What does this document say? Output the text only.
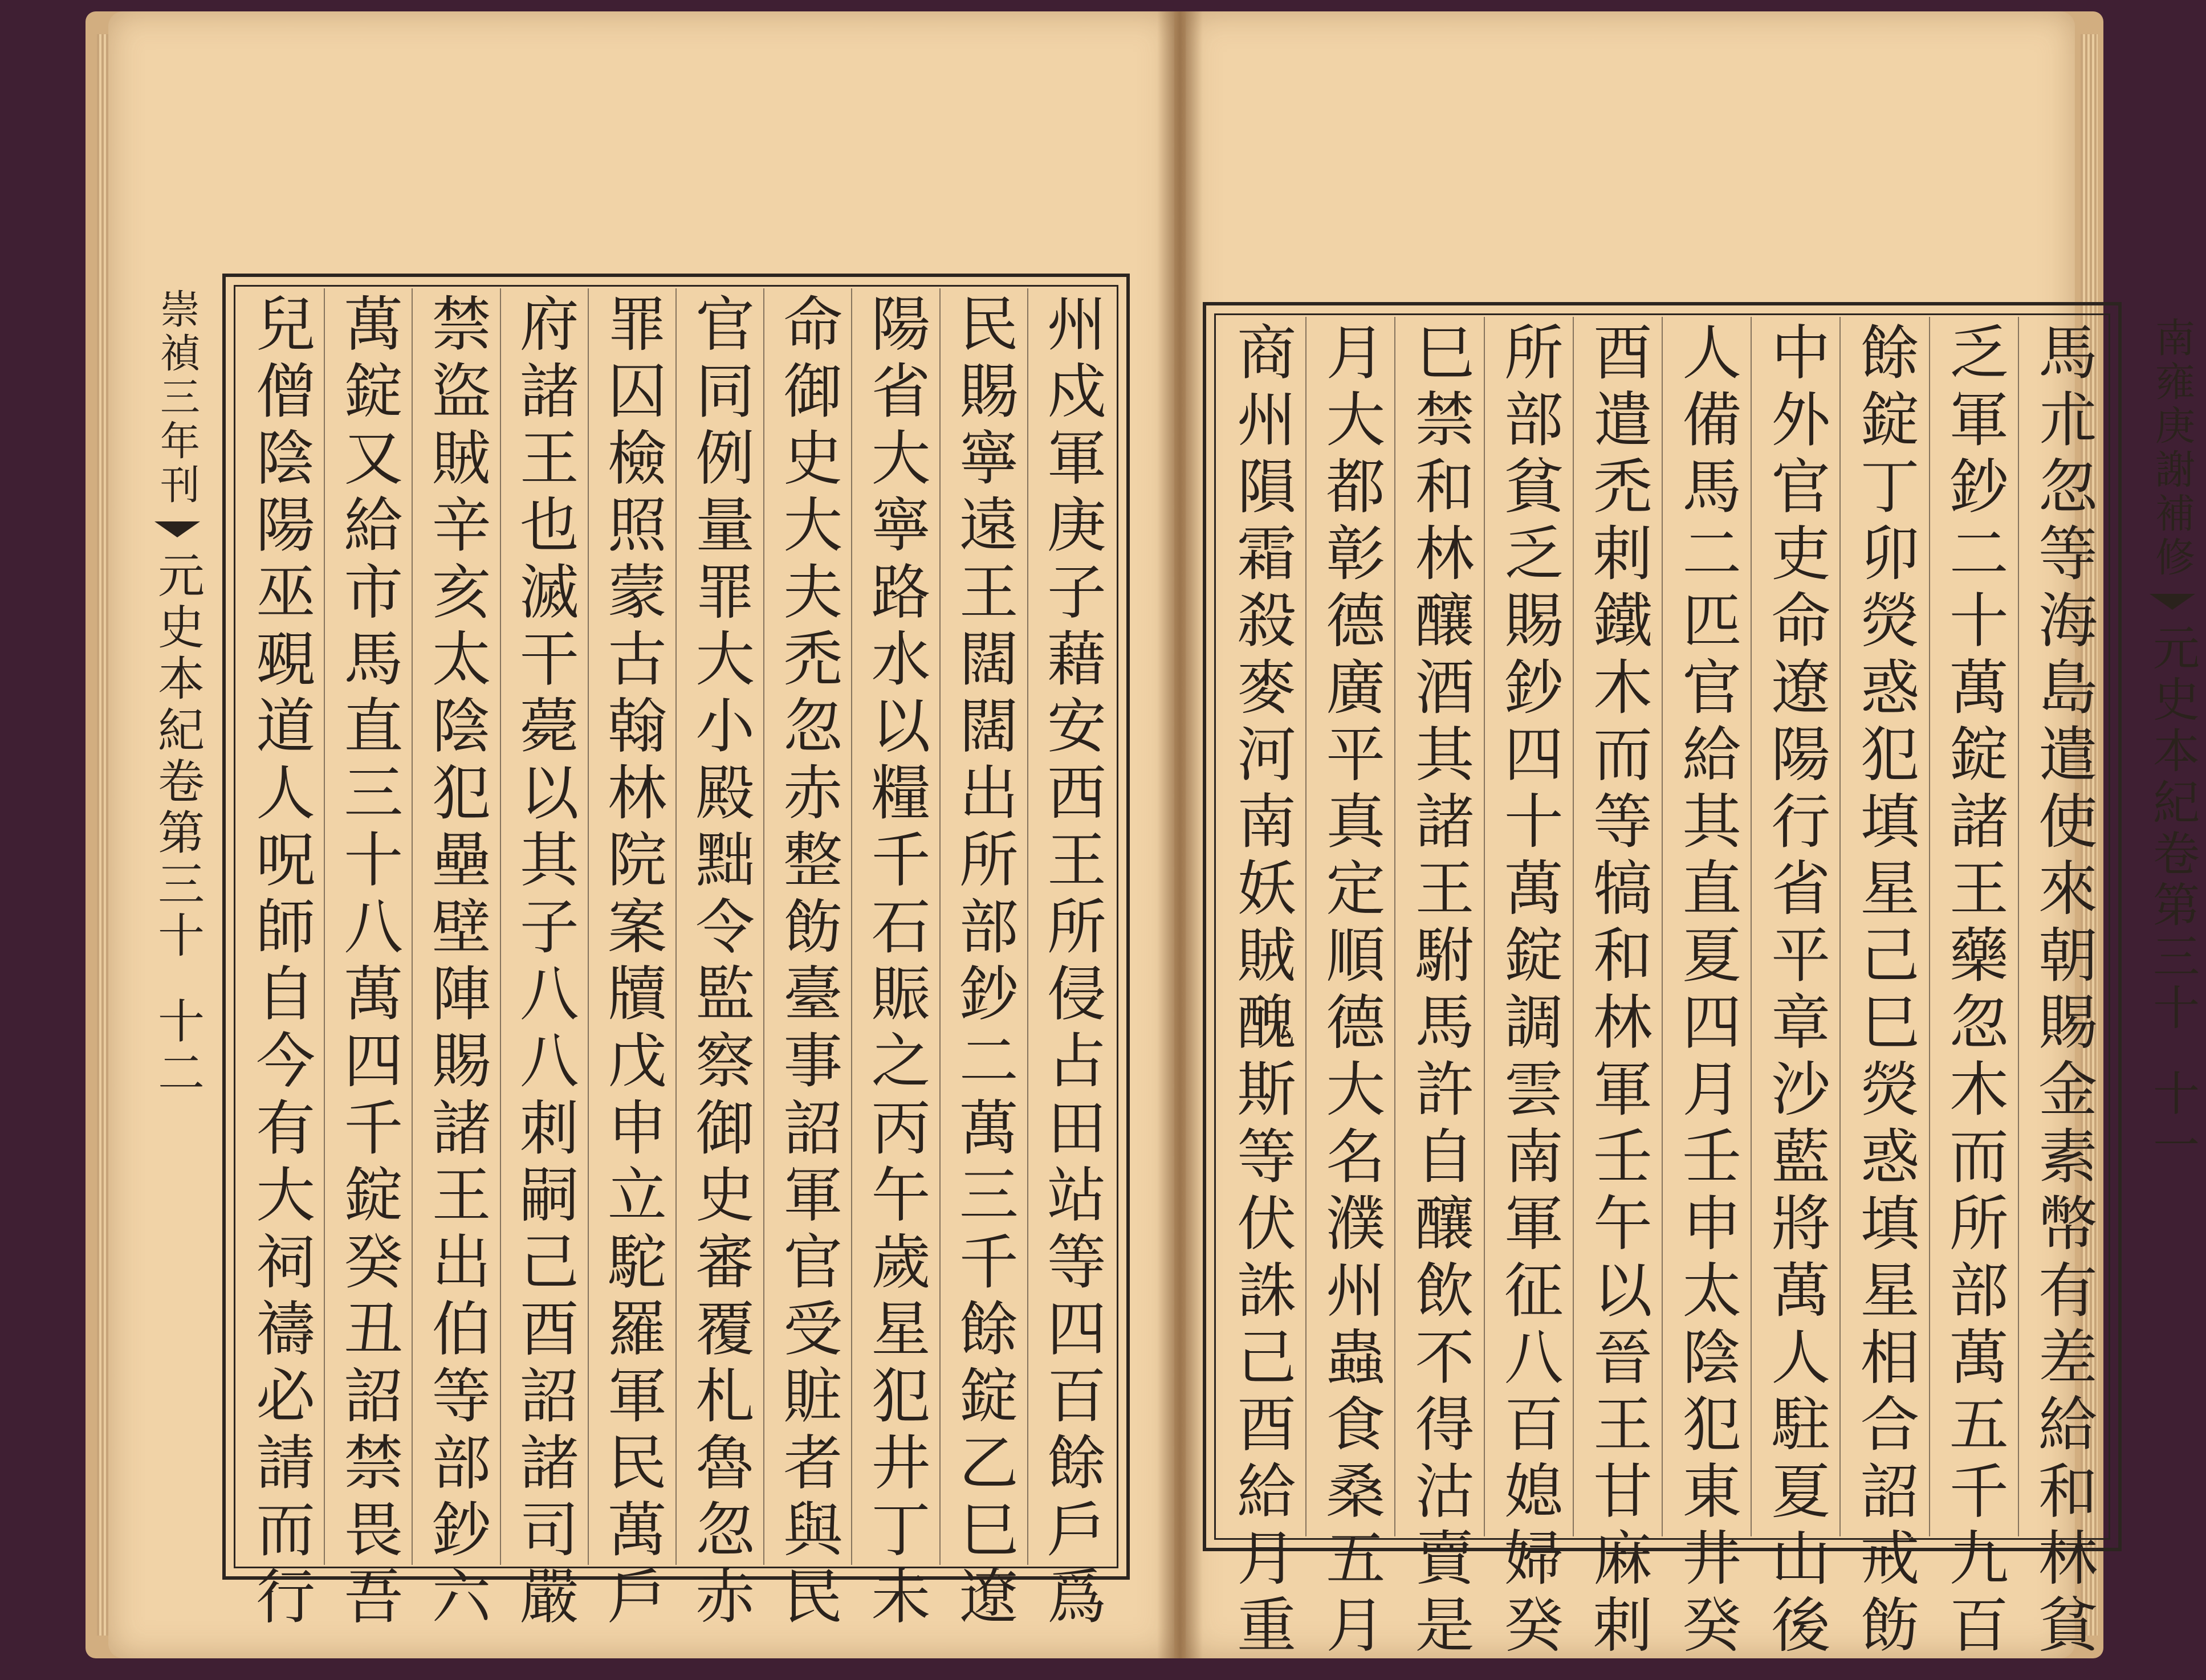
州戍軍庚子藉安西王所侵占田站等四百餘戶爲
民賜寧遠王闊闊出所部鈔二萬三千餘錠乙巳遼
陽省大寧路水以糧千石賑之丙午歲星犯井丁未
命御史大夫禿忽赤整飭臺事詔軍官受賍者與民
官同例量罪大小殿黜令監察御史審覆札魯忽赤
罪囚檢照蒙古翰林院案牘戊申立駝羅軍民萬戶
府諸王也滅干薨以其子八八刺嗣己酉詔諸司嚴
禁盜賊辛亥太陰犯壘壁陣賜諸王出伯等部鈔六
萬錠又給市馬直三十八萬四千錠癸丑詔禁畏吾
兒僧陰陽巫覡道人呪師自今有大祠禱必請而行
崇禎三年刊
元史本紀卷第三十
十二	馬朮忽等海島遣使來朝賜金素幣有差給和林貧
乏軍鈔二十萬錠諸王藥忽木而所部萬五千九百
餘錠丁卯熒惑犯填星己巳熒惑填星相合詔戒飭
中外官吏命遼陽行省平章沙藍將萬人駐夏山後
人備馬二匹官給其直夏四月壬申太陰犯東井癸
酉遣禿剌鐵木而等犒和林軍壬午以晉王甘麻剌
所部貧乏賜鈔四十萬錠調雲南軍征八百媳婦癸
巳禁和林釀酒其諸王駙馬許自釀飲不得沽賣是
月大都彰德廣平真定順德大名濮州蟲食桑五月
商州隕霜殺麥河南妖賊醜斯等伏誅己酉給月重	南雍庚謝補修
元史本紀卷第三十
十一
